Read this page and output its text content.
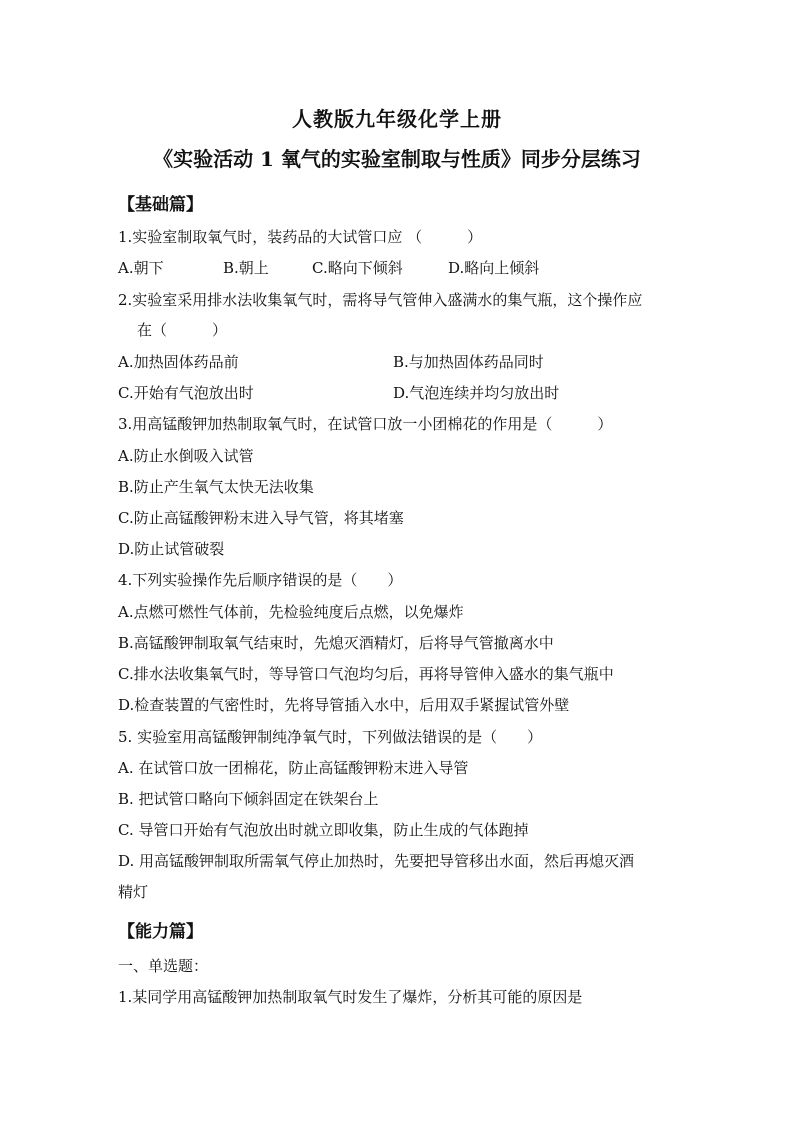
人教版九年级化学上册
《实验活动 1 氧气的实验室制取与性质》同步分层练习
【基础篇】
1.实验室制取氧气时，装药品的大试管口应 （　　　）
A.朝下	B.朝上	C.略向下倾斜	D.略向上倾斜
2.实验室采用排水法收集氧气时，需将导气管伸入盛满水的集气瓶，这个操作应
在（　　　）
A.加热固体药品前	B.与加热固体药品同时
C.开始有气泡放出时	D.气泡连续并均匀放出时
3.用高锰酸钾加热制取氧气时，在试管口放一小团棉花的作用是（　　　）
A.防止水倒吸入试管
B.防止产生氧气太快无法收集
C.防止高锰酸钾粉末进入导气管，将其堵塞
D.防止试管破裂
4.下列实验操作先后顺序错误的是（　　）
A.点燃可燃性气体前，先检验纯度后点燃，以免爆炸
B.高锰酸钾制取氧气结束时，先熄灭酒精灯，后将导气管撤离水中
C.排水法收集氧气时，等导管口气泡均匀后，再将导管伸入盛水的集气瓶中
D.检查装置的气密性时，先将导管插入水中，后用双手紧握试管外壁
5. 实验室用高锰酸钾制纯净氧气时，下列做法错误的是（　　）
A. 在试管口放一团棉花，防止高锰酸钾粉末进入导管
B. 把试管口略向下倾斜固定在铁架台上
C. 导管口开始有气泡放出时就立即收集，防止生成的气体跑掉
D. 用高锰酸钾制取所需氧气停止加热时，先要把导管移出水面，然后再熄灭酒
精灯
【能力篇】
一、单选题：
1.某同学用高锰酸钾加热制取氧气时发生了爆炸，分析其可能的原因是
